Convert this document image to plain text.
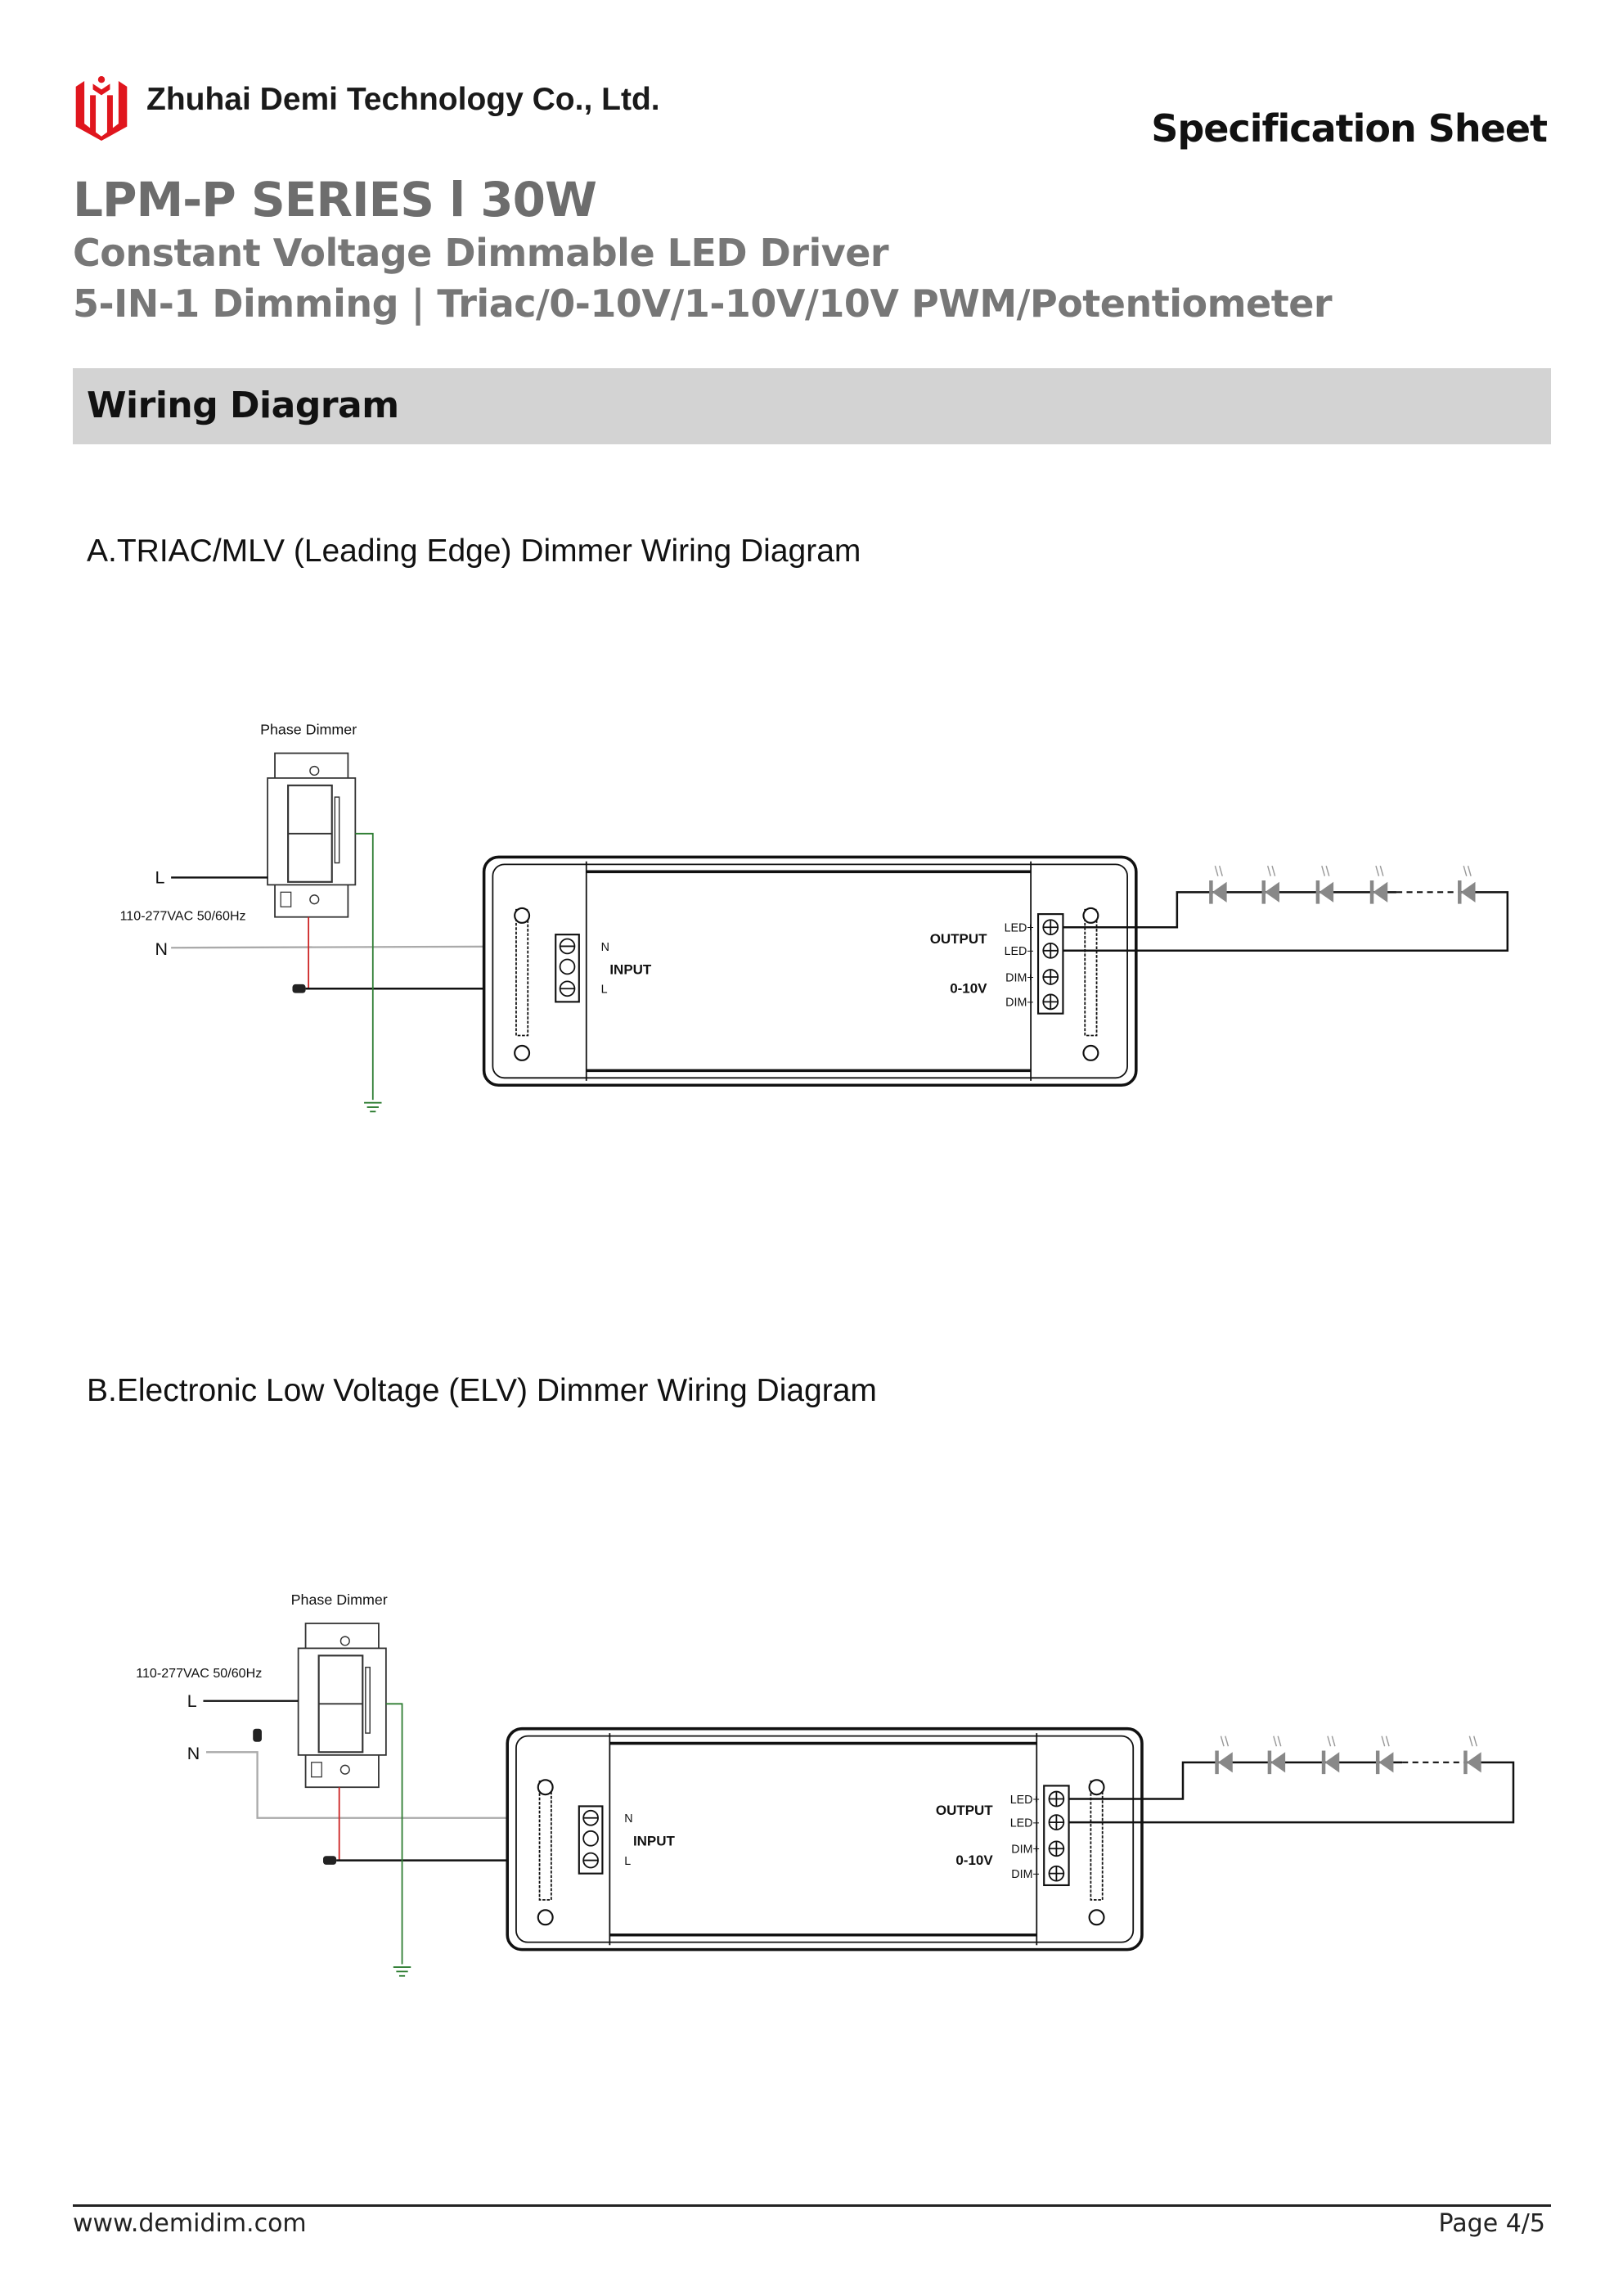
Zhuhai Demi Technology Co., Ltd.
Specification Sheet
LPM-P SERIES l 30W
Constant Voltage Dimmable LED Driver
5-IN-1 Dimming | Triac/0-10V/1-10V/10V PWM/Potentiometer
Wiring Diagram
A.TRIAC/MLV (Leading Edge) Dimmer Wiring Diagram
B.Electronic Low Voltage (ELV) Dimmer Wiring Diagram
Phase Dimmer
L
N
110-277VAC 50/60Hz
N
L
INPUT
LED+
LED−
DIM+
DIM−
OUTPUT
0-10V
Phase Dimmer
L
N
110-277VAC 50/60Hz
N
L
INPUT
LED+
LED−
DIM+
DIM−
OUTPUT
0-10V
www.demidim.com	Page 4/5
